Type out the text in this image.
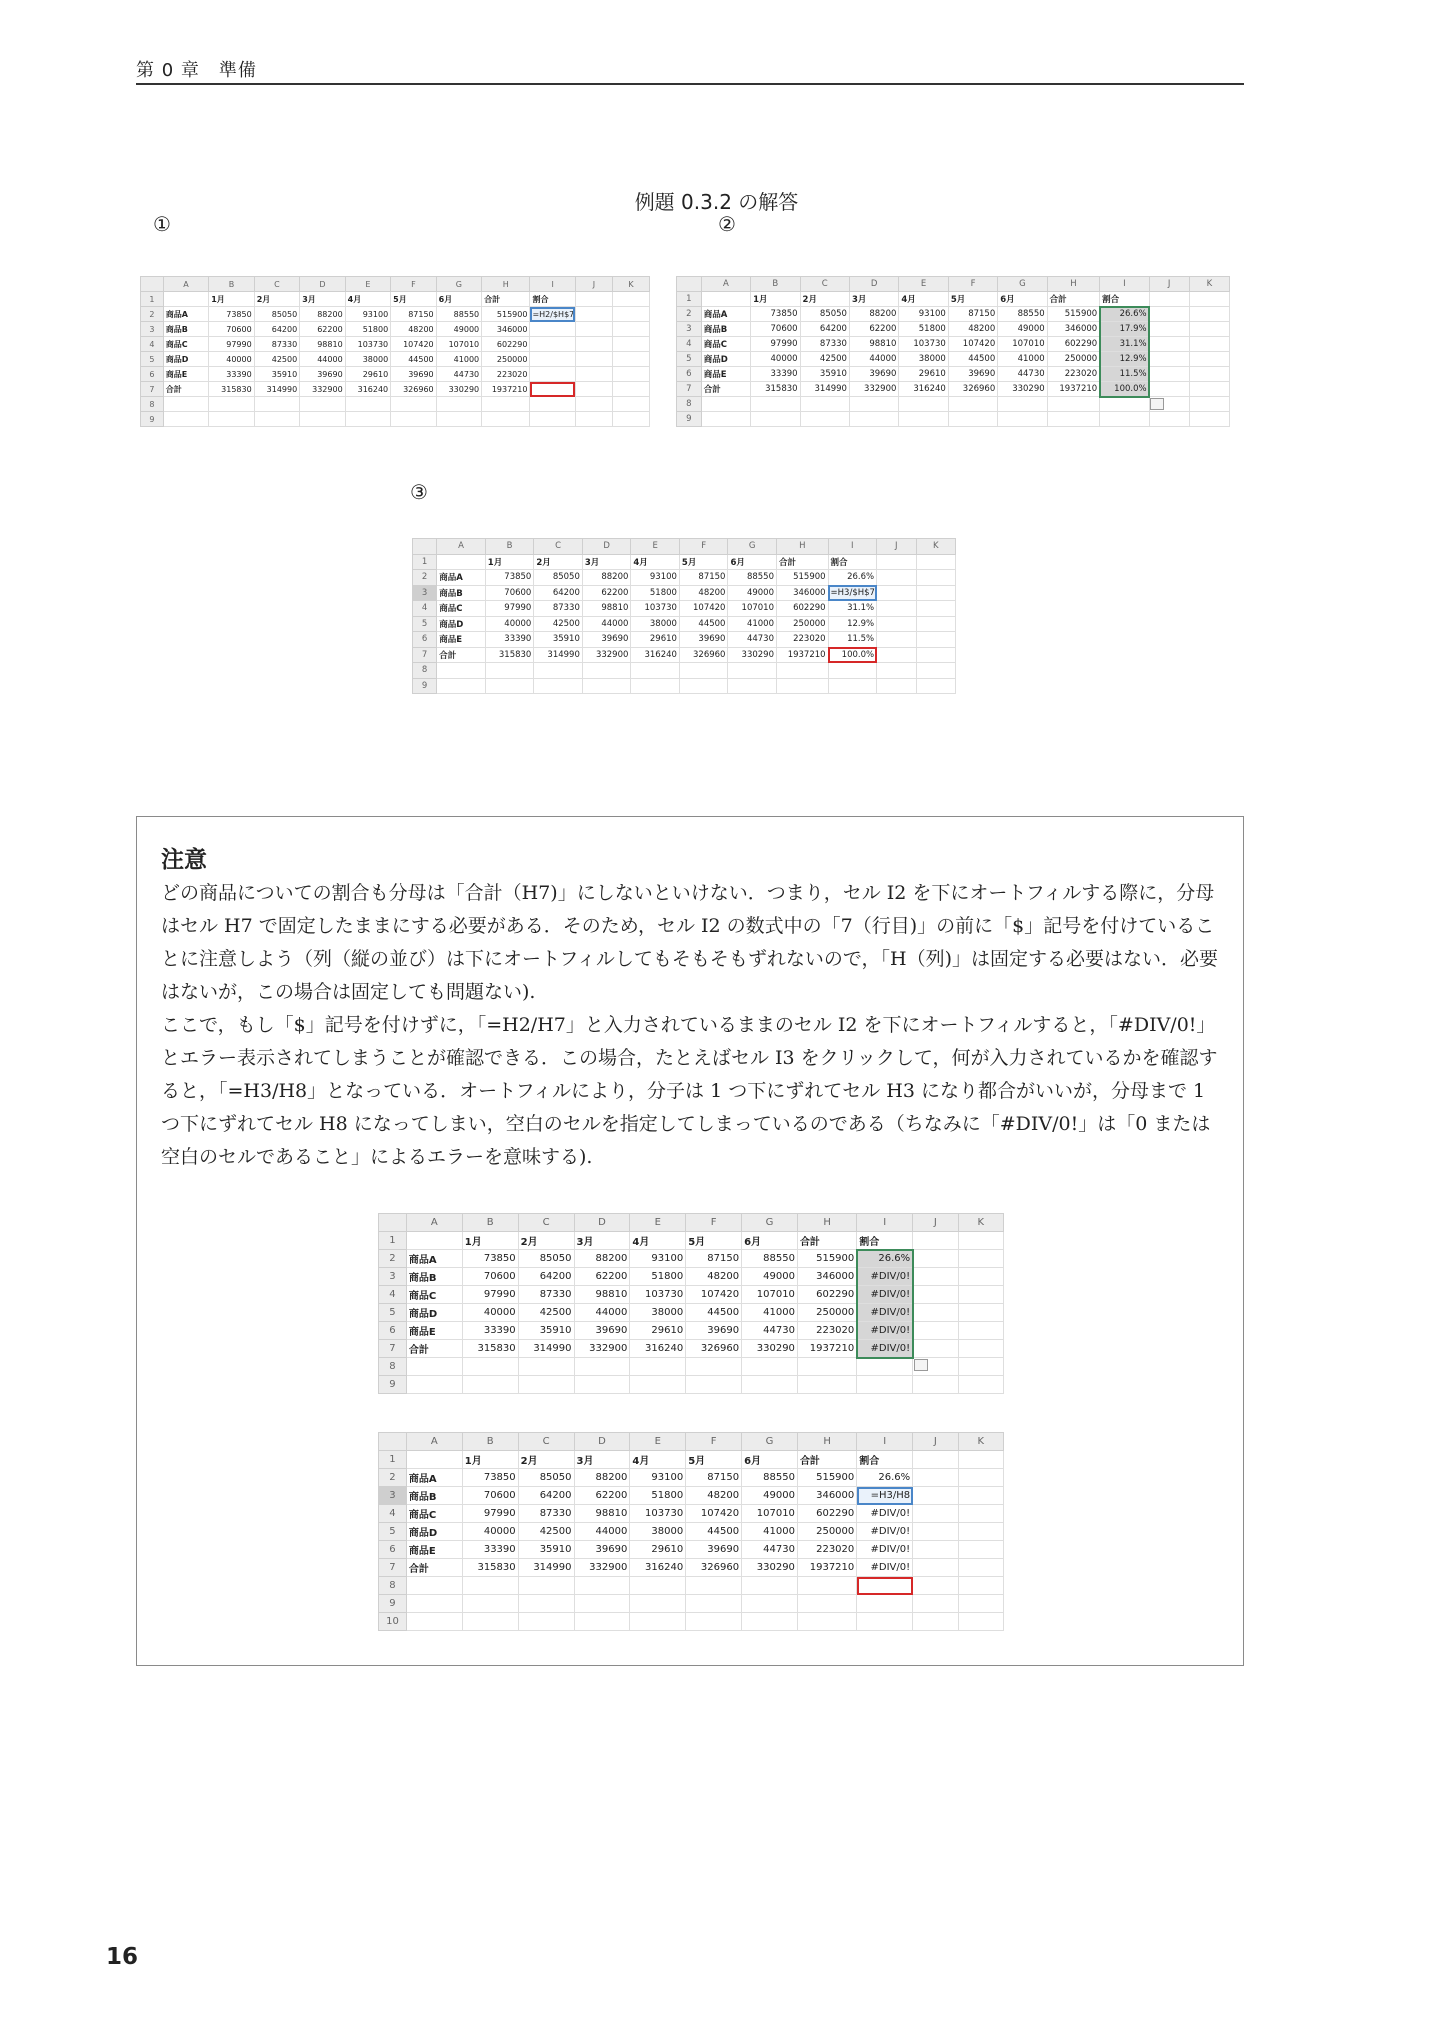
第 0 章　準備
例題 0.3.2 の解答
①	②
③
	A	B	C	D	E	F	G	H	I	J	K
1		1月	2月	3月	4月	5月	6月	合計	割合		
2	商品A	73850	85050	88200	93100	87150	88550	515900	=H2/$H$7		
3	商品B	70600	64200	62200	51800	48200	49000	346000			
4	商品C	97990	87330	98810	103730	107420	107010	602290			
5	商品D	40000	42500	44000	38000	44500	41000	250000			
6	商品E	33390	35910	39690	29610	39690	44730	223020			
7	合計	315830	314990	332900	316240	326960	330290	1937210			
8											
9											
	A	B	C	D	E	F	G	H	I	J	K
1		1月	2月	3月	4月	5月	6月	合計	割合		
2	商品A	73850	85050	88200	93100	87150	88550	515900	26.6%		
3	商品B	70600	64200	62200	51800	48200	49000	346000	17.9%		
4	商品C	97990	87330	98810	103730	107420	107010	602290	31.1%		
5	商品D	40000	42500	44000	38000	44500	41000	250000	12.9%		
6	商品E	33390	35910	39690	29610	39690	44730	223020	11.5%		
7	合計	315830	314990	332900	316240	326960	330290	1937210	100.0%		
8											
9											
	A	B	C	D	E	F	G	H	I	J	K
1		1月	2月	3月	4月	5月	6月	合計	割合		
2	商品A	73850	85050	88200	93100	87150	88550	515900	26.6%		
3	商品B	70600	64200	62200	51800	48200	49000	346000	=H3/$H$7		
4	商品C	97990	87330	98810	103730	107420	107010	602290	31.1%		
5	商品D	40000	42500	44000	38000	44500	41000	250000	12.9%		
6	商品E	33390	35910	39690	29610	39690	44730	223020	11.5%		
7	合計	315830	314990	332900	316240	326960	330290	1937210	100.0%		
8											
9											
注意

どの商品についての割合も分母は「合計（H7)」にしないといけない．つまり，セル I2 を下にオートフィルする際に，分母はセル H7 で固定したままにする必要がある．そのため，セル I2 の数式中の「7（行目)」の前に「$」記号を付けていることに注意しよう（列（縦の並び）は下にオートフィルしてもそもそもずれないので，「H（列)」は固定する必要はない．必要はないが，この場合は固定しても問題ない).

ここで，もし「$」記号を付けずに，「=H2/H7」と入力されているままのセル I2 を下にオートフィルすると，「#DIV/0!」とエラー表示されてしまうことが確認できる．この場合，たとえばセル I3 をクリックして，何が入力されているかを確認すると，「=H3/H8」となっている．オートフィルにより，分子は 1 つ下にずれてセル H3 になり都合がいいが，分母まで 1 つ下にずれてセル H8 になってしまい，空白のセルを指定してしまっているのである（ちなみに「#DIV/0!」は「0 または空白のセルであること」によるエラーを意味する).

	A	B	C	D	E	F	G	H	I	J	K
1		1月	2月	3月	4月	5月	6月	合計	割合		
2	商品A	73850	85050	88200	93100	87150	88550	515900	26.6%		
3	商品B	70600	64200	62200	51800	48200	49000	346000	#DIV/0!		
4	商品C	97990	87330	98810	103730	107420	107010	602290	#DIV/0!		
5	商品D	40000	42500	44000	38000	44500	41000	250000	#DIV/0!		
6	商品E	33390	35910	39690	29610	39690	44730	223020	#DIV/0!		
7	合計	315830	314990	332900	316240	326960	330290	1937210	#DIV/0!		
8											
9											
	A	B	C	D	E	F	G	H	I	J	K
1		1月	2月	3月	4月	5月	6月	合計	割合		
2	商品A	73850	85050	88200	93100	87150	88550	515900	26.6%		
3	商品B	70600	64200	62200	51800	48200	49000	346000	=H3/H8		
4	商品C	97990	87330	98810	103730	107420	107010	602290	#DIV/0!		
5	商品D	40000	42500	44000	38000	44500	41000	250000	#DIV/0!		
6	商品E	33390	35910	39690	29610	39690	44730	223020	#DIV/0!		
7	合計	315830	314990	332900	316240	326960	330290	1937210	#DIV/0!		
8											
9											
10											
16
